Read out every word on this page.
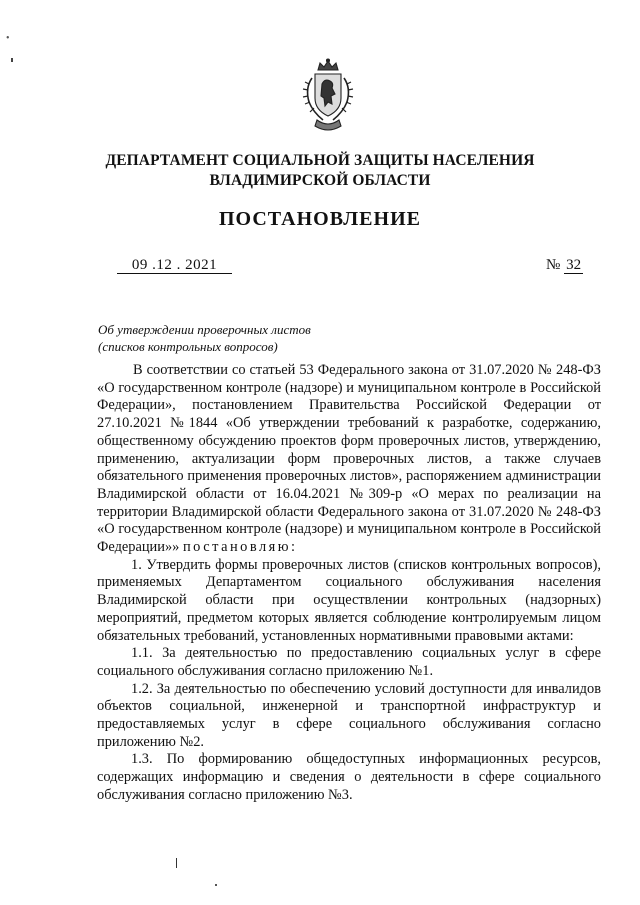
•
ДЕПАРТАМЕНТ СОЦИАЛЬНОЙ ЗАЩИТЫ НАСЕЛЕНИЯ
ВЛАДИМИРСКОЙ ОБЛАСТИ
ПОСТАНОВЛЕНИЕ
09 .12 . 2021	№ 32
Об утверждении проверочных листов
(списков контрольных вопросов)

В соответствии со статьей 53 Федерального закона от 31.07.2020 № 248-ФЗ «О государственном контроле (надзоре) и муниципальном контроле в Российской Федерации», постановлением Правительства Российской Федерации от 27.10.2021 №1844 «Об утверждении требований к разработке, содержанию, общественному обсуждению проектов форм проверочных листов, утверждению, применению, актуализации форм проверочных листов, а также случаев обязательного применения проверочных листов», распоряжением администрации Владимирской области от 16.04.2021 №309-р «О мерах по реализации на территории Владимирской области Федерального закона от 31.07.2020 № 248-ФЗ «О государственном контроле (надзоре) и муниципальном контроле в Российской Федерации»» постановляю:

1. Утвердить формы проверочных листов (списков контрольных вопросов), применяемых Департаментом социального обслуживания населения Владимирской области при осуществлении контрольных (надзорных) мероприятий, предметом которых является соблюдение контролируемым лицом обязательных требований, установленных нормативными правовыми актами:

1.1. За деятельностью по предоставлению социальных услуг в сфере социального обслуживания согласно приложению №1.

1.2. За деятельностью по обеспечению условий доступности для инвалидов объектов социальной, инженерной и транспортной инфраструктур и предоставляемых услуг в сфере социального обслуживания согласно приложению №2.

1.3. По формированию общедоступных информационных ресурсов, содержащих информацию и сведения о деятельности в сфере социального обслуживания согласно приложению №3.
